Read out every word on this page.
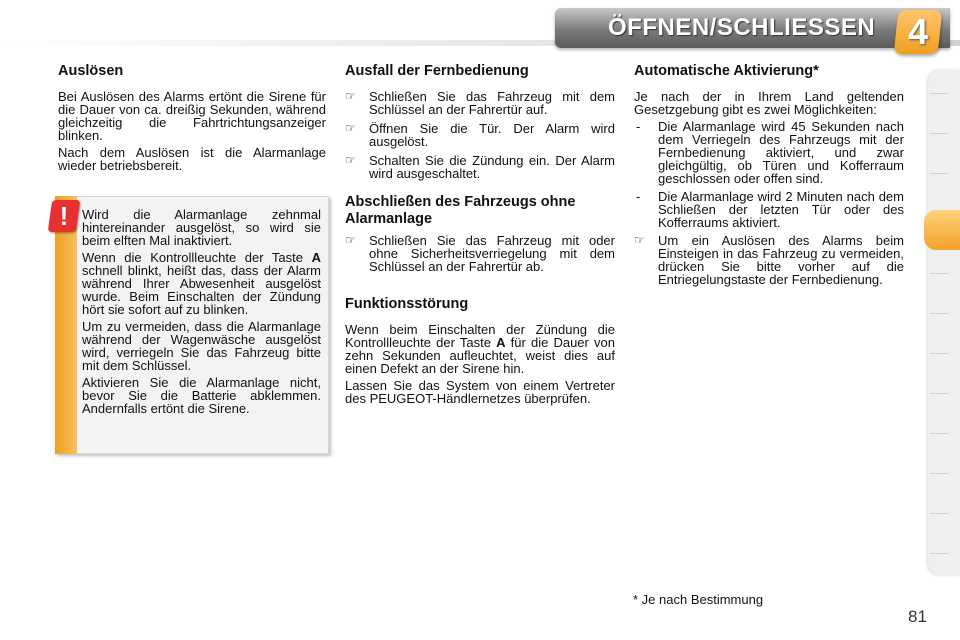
ÖFFNEN/SCHLIESSEN 4
Auslösen

Bei Auslösen des Alarms ertönt die Sirene für die Dauer von ca. dreißig Sekunden, während gleichzeitig die Fahrtrichtungsanzeiger blinken.

Nach dem Auslösen ist die Alarmanlage wieder betriebsbereit.

!	Wird die Alarmanlage zehnmal hintereinander ausgelöst, so wird sie beim elften Mal inaktiviert.

Wenn die Kontrollleuchte der Taste A schnell blinkt, heißt das, dass der Alarm während Ihrer Abwesenheit ausgelöst wurde. Beim Einschalten der Zündung hört sie sofort auf zu blinken.

Um zu vermeiden, dass die Alarmanlage während der Wagenwäsche ausgelöst wird, verriegeln Sie das Fahrzeug bitte mit dem Schlüssel.

Aktivieren Sie die Alarmanlage nicht, bevor Sie die Batterie abklemmen. Andernfalls ertönt die Sirene.

Ausfall der Fernbedienung
☞ Schließen Sie das Fahrzeug mit dem Schlüssel an der Fahrertür auf.
☞ Öffnen Sie die Tür. Der Alarm wird ausgelöst.
☞ Schalten Sie die Zündung ein. Der Alarm wird ausgeschaltet.
Abschließen des Fahrzeugs ohne Alarmanlage
☞ Schließen Sie das Fahrzeug mit oder ohne Sicherheitsverriegelung mit dem Schlüssel an der Fahrertür ab.
Funktionsstörung

Wenn beim Einschalten der Zündung die Kontrollleuchte der Taste A für die Dauer von zehn Sekunden aufleuchtet, weist dies auf einen Defekt an der Sirene hin.

Lassen Sie das System von einem Vertreter des PEUGEOT-Händlernetzes überprüfen.

Automatische Aktivierung*

Je nach der in Ihrem Land geltenden Gesetzgebung gibt es zwei Möglichkeiten:

- Die Alarmanlage wird 45 Sekunden nach dem Verriegeln des Fahrzeugs mit der Fernbedienung aktiviert, und zwar gleichgültig, ob Türen und Kofferraum geschlossen oder offen sind.
- Die Alarmanlage wird 2 Minuten nach dem Schließen der letzten Tür oder des Kofferraums aktiviert.
☞ Um ein Auslösen des Alarms beim Einsteigen in das Fahrzeug zu vermeiden, drücken Sie bitte vorher auf die Entriegelungstaste der Fernbedienung.
* Je nach Bestimmung
81
